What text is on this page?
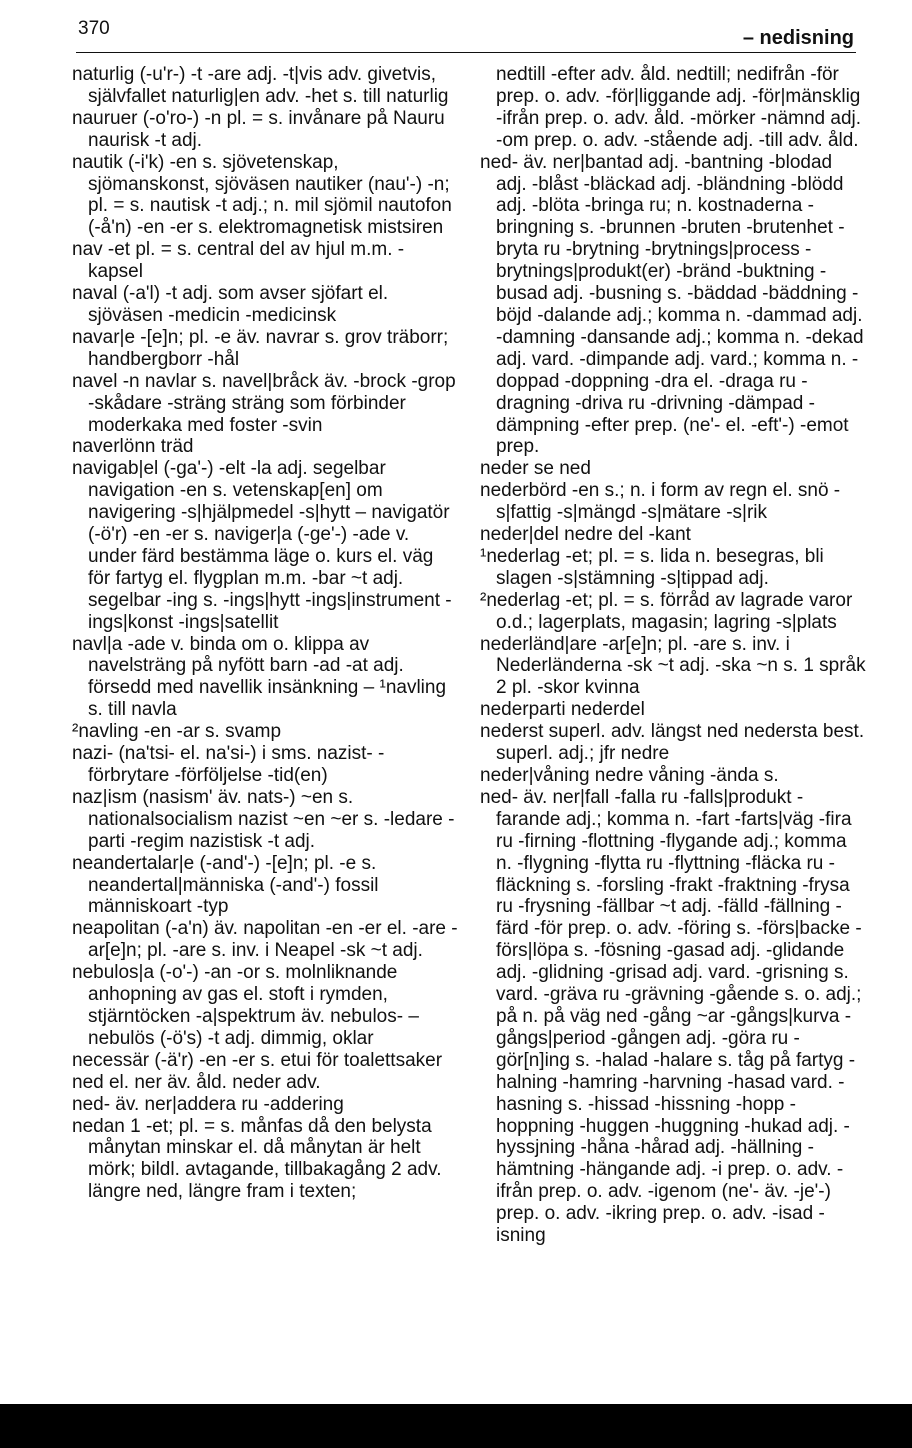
370	– nedisning

naturlig (-u'r-) -t -are adj. -t|vis adv. givetvis, självfallet naturlig|en adv. -het s. till naturlig

nauruer (-o'ro-) -n pl. = s. invånare på Nauru naurisk -t adj.

nautik (-i'k) -en s. sjövetenskap, sjömanskonst, sjöväsen nautiker (nau'-) -n; pl. = s. nautisk -t adj.; n. mil sjömil nautofon (-å'n) -en -er s. elektromagnetisk mistsiren

nav -et pl. = s. central del av hjul m.m. -kapsel

naval (-a'l) -t adj. som avser sjöfart el. sjöväsen -medicin -medicinsk

navar|e -[e]n; pl. -e äv. navrar s. grov träborr; handbergborr -hål

navel -n navlar s. navel|bråck äv. -brock -grop -skådare -sträng sträng som förbinder moderkaka med foster -svin

naverlönn träd

navigab|el (-ga'-) -elt -la adj. segelbar navigation -en s. vetenskap[en] om navigering -s|hjälpmedel -s|hytt – navigatör (-ö'r) -en -er s. naviger|a (-ge'-) -ade v. under färd bestämma läge o. kurs el. väg för fartyg el. flygplan m.m. -bar ~t adj. segelbar -ing s. -ings|hytt -ings|instrument -ings|konst -ings|satellit

navl|a -ade v. binda om o. klippa av navelsträng på nyfött barn -ad -at adj. försedd med navellik insänkning – ¹navling s. till navla

²navling -en -ar s. svamp

nazi- (na'tsi- el. na'si-) i sms. nazist- -förbrytare -förföljelse -tid(en)

naz|ism (nasism' äv. nats-) ~en s. nationalsocialism nazist ~en ~er s. -ledare -parti -regim nazistisk -t adj.

neandertalar|e (-and'-) -[e]n; pl. -e s. neandertal|människa (-and'-) fossil människoart -typ

neapolitan (-a'n) äv. napolitan -en -er el. -are -ar[e]n; pl. -are s. inv. i Neapel -sk ~t adj.

nebulos|a (-o'-) -an -or s. molnliknande anhopning av gas el. stoft i rymden, stjärntöcken -a|spektrum äv. nebulos- – nebulös (-ö's) -t adj. dimmig, oklar

necessär (-ä'r) -en -er s. etui för toalettsaker

ned el. ner äv. åld. neder adv.

ned- äv. ner|addera ru -addering

nedan 1 -et; pl. = s. månfas då den belysta månytan minskar el. då månytan är helt mörk; bildl. avtagande, tillbakagång 2 adv. längre ned, längre fram i texten;

nedtill -efter adv. åld. nedtill; nedifrån -för prep. o. adv. -för|liggande adj. -för|mänsklig -ifrån prep. o. adv. åld. -mörker -nämnd adj. -om prep. o. adv. -stående adj. -till adv. åld.

ned- äv. ner|bantad adj. -bantning -blodad adj. -blåst -bläckad adj. -bländning -blödd adj. -blöta -bringa ru; n. kostnaderna -bringning s. -brunnen -bruten -brutenhet -bryta ru -brytning -brytnings|process -brytnings|produkt(er) -bränd -buktning -busad adj. -busning s. -bäddad -bäddning -böjd -dalande adj.; komma n. -dammad adj. -damning -dansande adj.; komma n. -dekad adj. vard. -dimpande adj. vard.; komma n. -doppad -doppning -dra el. -draga ru -dragning -driva ru -drivning -dämpad -dämpning -efter prep. (ne'- el. -eft'-) -emot prep.

neder se ned

nederbörd -en s.; n. i form av regn el. snö -s|fattig -s|mängd -s|mätare -s|rik

neder|del nedre del -kant

¹nederlag -et; pl. = s. lida n. besegras, bli slagen -s|stämning -s|tippad adj.

²nederlag -et; pl. = s. förråd av lagrade varor o.d.; lagerplats, magasin; lagring -s|plats

nederländ|are -ar[e]n; pl. -are s. inv. i Nederländerna -sk ~t adj. -ska ~n s. 1 språk 2 pl. -skor kvinna

nederparti nederdel

nederst superl. adv. längst ned nedersta best. superl. adj.; jfr nedre

neder|våning nedre våning -ända s.

ned- äv. ner|fall -falla ru -falls|produkt -farande adj.; komma n. -fart -farts|väg -fira ru -firning -flottning -flygande adj.; komma n. -flygning -flytta ru -flyttning -fläcka ru -fläckning s. -forsling -frakt -fraktning -frysa ru -frysning -fällbar ~t adj. -fälld -fällning -färd -för prep. o. adv. -föring s. -förs|backe -förs|löpa s. -fösning -gasad adj. -glidande adj. -glidning -grisad adj. vard. -grisning s. vard. -gräva ru -grävning -gående s. o. adj.; på n. på väg ned -gång ~ar -gångs|kurva -gångs|period -gången adj. -göra ru -gör[n]ing s. -halad -halare s. tåg på fartyg -halning -hamring -harvning -hasad vard. -hasning s. -hissad -hissning -hopp -hoppning -huggen -huggning -hukad adj. -hyssjning -håna -hårad adj. -hällning -hämtning -hängande adj. -i prep. o. adv. -ifrån prep. o. adv. -igenom (ne'- äv. -je'-) prep. o. adv. -ikring prep. o. adv. -isad -isning
